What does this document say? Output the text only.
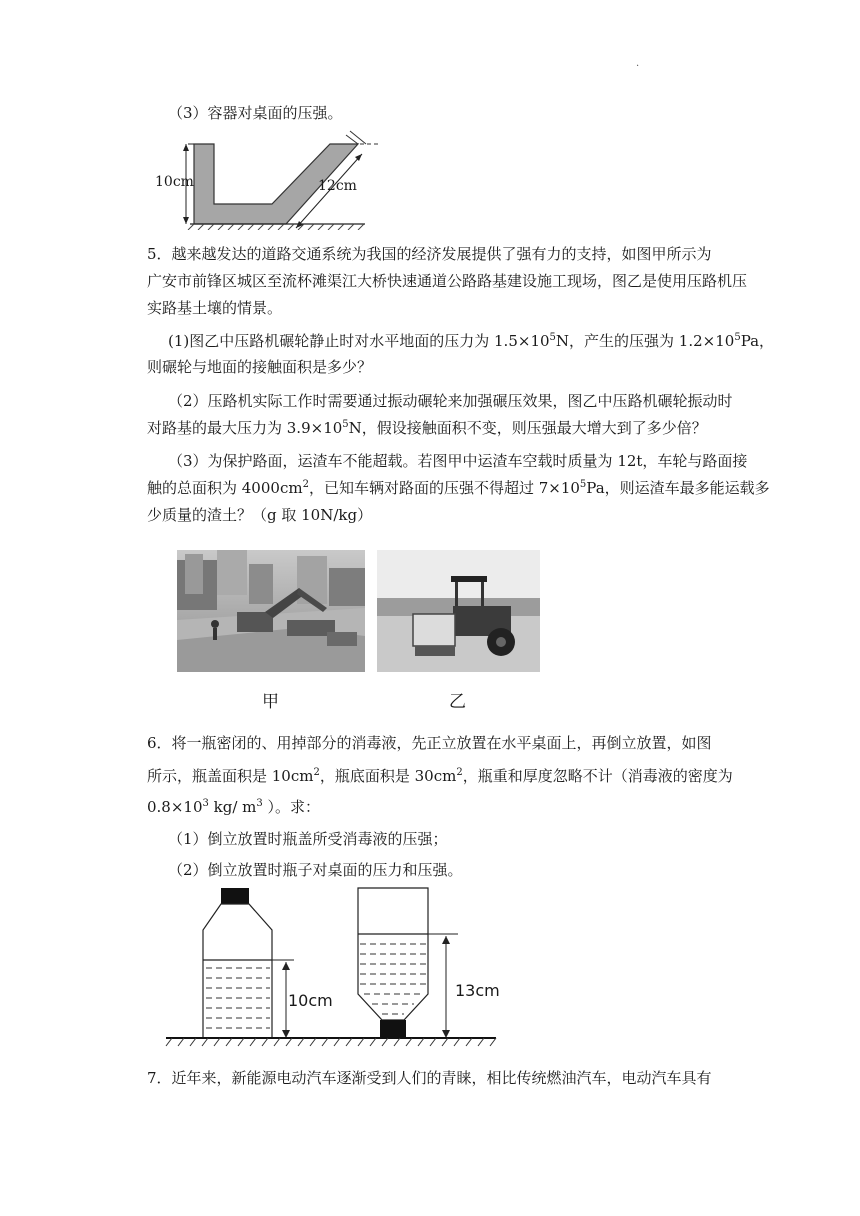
.
（3）容器对桌面的压强。
10cm	12cm
5．越来越发达的道路交通系统为我国的经济发展提供了强有力的支持，如图甲所示为
广安市前锋区城区至流杯滩渠江大桥快速通道公路路基建设施工现场，图乙是使用压路机压
实路基土壤的情景。
(1)图乙中压路机碾轮静止时对水平地面的压力为 $1.5\times 10^5N$，产生的压强为 $1.2\times 10^5Pa$，
则碾轮与地面的接触面积是多少？
（2）压路机实际工作时需要通过振动碾轮来加强碾压效果，图乙中压路机碾轮振动时
对路基的最大压力为 $3.9\times 10^5N$，假设接触面积不变，则压强最大增大到了多少倍？
（3）为保护路面，运渣车不能超载。若图甲中运渣车空载时质量为 12t，车轮与路面接
触的总面积为 $4000cm^2$，已知车辆对路面的压强不得超过 $7\times 10^5Pa$，则运渣车最多能运载多
少质量的渣土？（g 取 10N/kg）
甲	乙
6．将一瓶密闭的、用掉部分的消毒液，先正立放置在水平桌面上，再倒立放置，如图
所示，瓶盖面积是 $10cm^2$，瓶底面积是 $30cm^2$，瓶重和厚度忽略不计（消毒液的密度为
$0.8\times 10^3$ kg/ $m^3$ ）。求：
（1）倒立放置时瓶盖所受消毒液的压强；
（2）倒立放置时瓶子对桌面的压力和压强。
10cm
13cm
7．近年来，新能源电动汽车逐渐受到人们的青睐，相比传统燃油汽车，电动汽车具有
